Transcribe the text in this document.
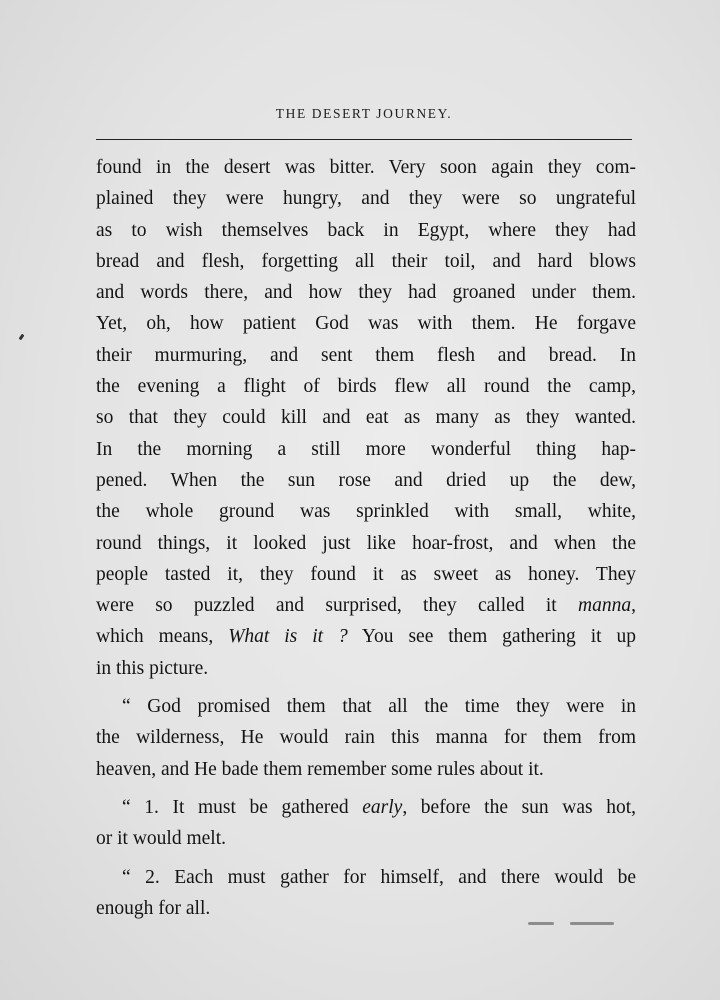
THE DESERT JOURNEY.
found in the desert was bitter. Very soon again they com-
plained they were hungry, and they were so ungrateful
as to wish themselves back in Egypt, where they had
bread and flesh, forgetting all their toil, and hard blows
and words there, and how they had groaned under them.
Yet, oh, how patient God was with them. He forgave
their murmuring, and sent them flesh and bread. In
the evening a flight of birds flew all round the camp,
so that they could kill and eat as many as they wanted.
In the morning a still more wonderful thing hap-
pened. When the sun rose and dried up the dew,
the whole ground was sprinkled with small, white,
round things, it looked just like hoar-frost, and when the
people tasted it, they found it as sweet as honey. They
were so puzzled and surprised, they called it manna,
which means, What is it ? You see them gathering it up
in this picture.
“ God promised them that all the time they were in
the wilderness, He would rain this manna for them from
heaven, and He bade them remember some rules about it.
“ 1. It must be gathered early, before the sun was hot,
or it would melt.
“ 2. Each must gather for himself, and there would be
enough for all.
